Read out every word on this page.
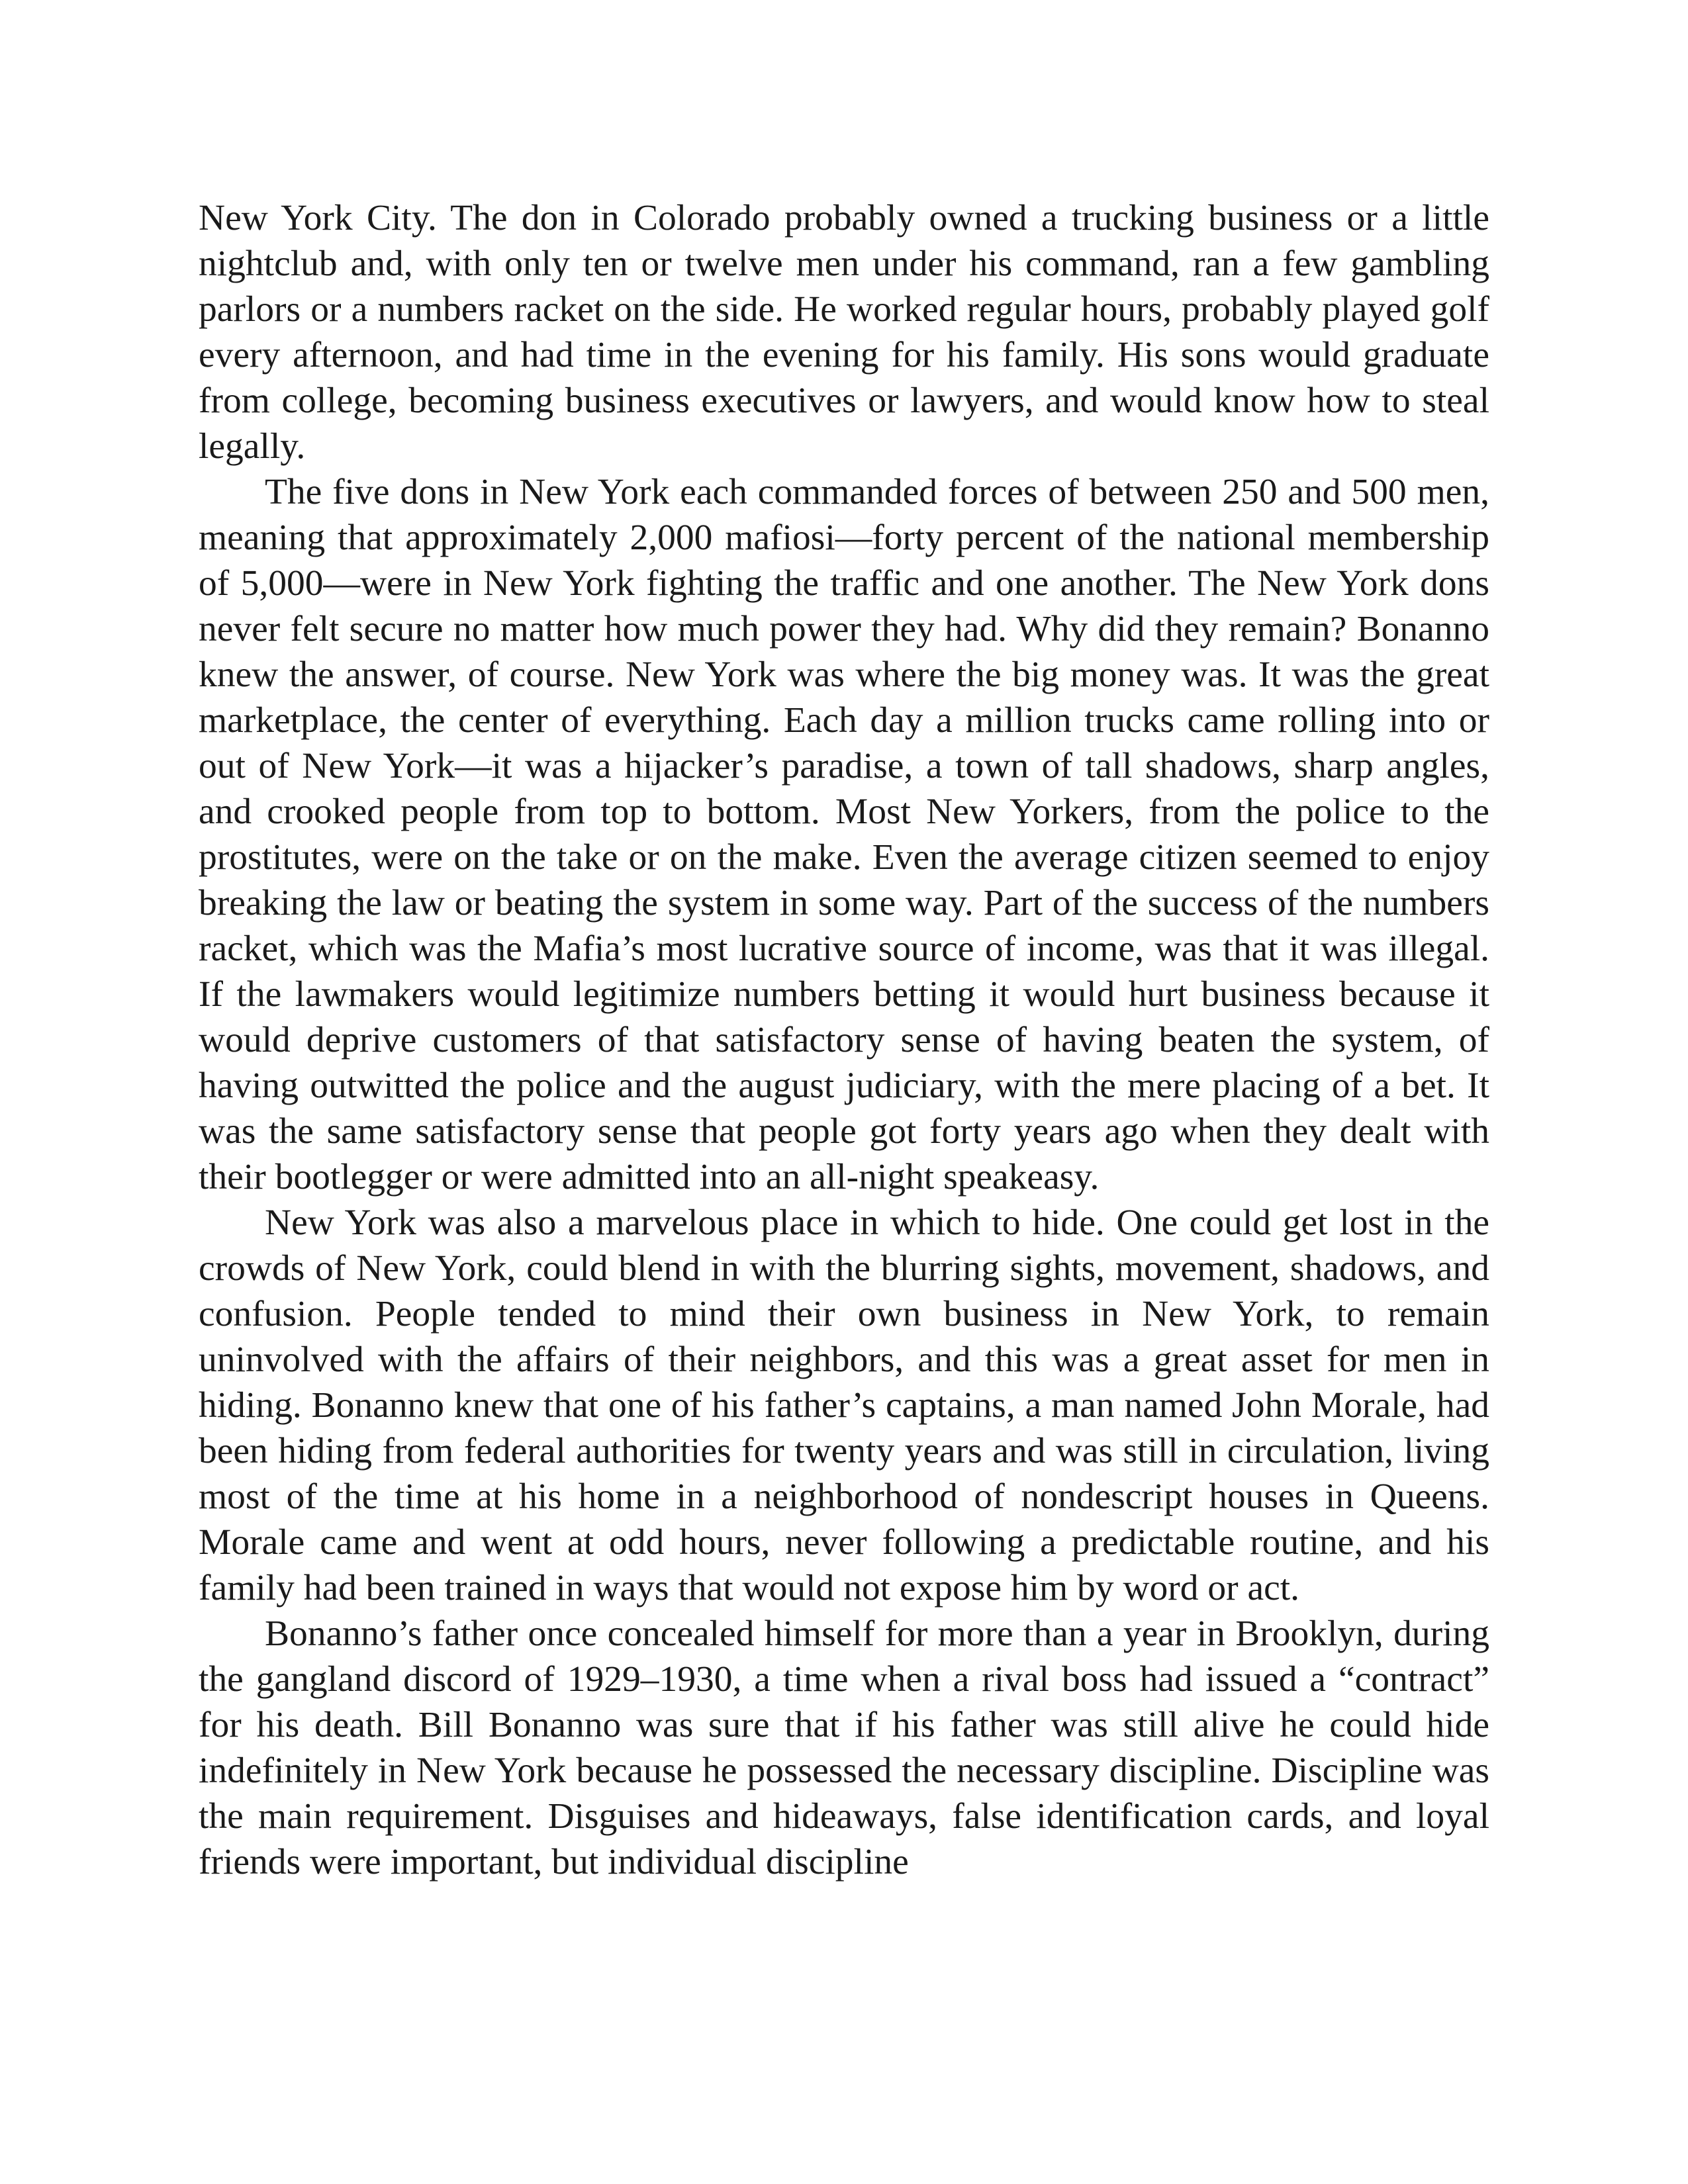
New York City. The don in Colorado probably owned a trucking business or a little nightclub and, with only ten or twelve men under his command, ran a few gambling parlors or a numbers racket on the side. He worked regular hours, probably played golf every afternoon, and had time in the evening for his family. His sons would graduate from college, becoming business executives or lawyers, and would know how to steal legally.

The five dons in New York each commanded forces of between 250 and 500 men, meaning that approximately 2,000 mafiosi—forty percent of the national membership of 5,000—were in New York fighting the traffic and one another. The New York dons never felt secure no matter how much power they had. Why did they remain? Bonanno knew the answer, of course. New York was where the big money was. It was the great marketplace, the center of everything. Each day a million trucks came rolling into or out of New York—it was a hijacker’s paradise, a town of tall shadows, sharp angles, and crooked people from top to bottom. Most New Yorkers, from the police to the prostitutes, were on the take or on the make. Even the average citizen seemed to enjoy breaking the law or beating the system in some way. Part of the success of the numbers racket, which was the Mafia’s most lucrative source of income, was that it was illegal. If the lawmakers would legitimize numbers betting it would hurt business because it would deprive customers of that satisfactory sense of having beaten the system, of having outwitted the police and the august judiciary, with the mere placing of a bet. It was the same satisfactory sense that people got forty years ago when they dealt with their bootlegger or were admitted into an all-night speakeasy.

New York was also a marvelous place in which to hide. One could get lost in the crowds of New York, could blend in with the blurring sights, movement, shadows, and confusion. People tended to mind their own business in New York, to remain uninvolved with the affairs of their neighbors, and this was a great asset for men in hiding. Bonanno knew that one of his father’s captains, a man named John Morale, had been hiding from federal authorities for twenty years and was still in circulation, living most of the time at his home in a neighborhood of nondescript houses in Queens. Morale came and went at odd hours, never following a predictable routine, and his family had been trained in ways that would not expose him by word or act.

Bonanno’s father once concealed himself for more than a year in Brooklyn, during the gangland discord of 1929–1930, a time when a rival boss had issued a “contract” for his death. Bill Bonanno was sure that if his father was still alive he could hide indefinitely in New York because he possessed the necessary discipline. Discipline was the main requirement. Disguises and hideaways, false identification cards, and loyal friends were important, but individual discipline
